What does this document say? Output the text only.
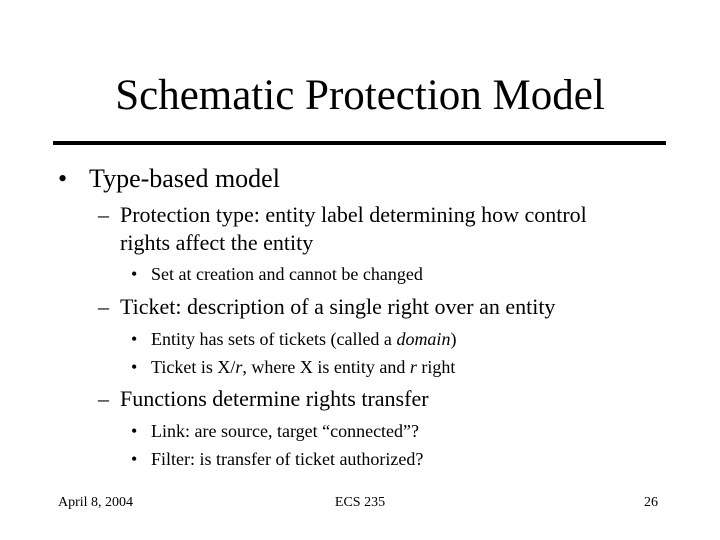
Schematic Protection Model
• Type-based model
– Protection type: entity label determining how control
rights affect the entity
• Set at creation and cannot be changed
– Ticket: description of a single right over an entity
• Entity has sets of tickets (called a domain)
• Ticket is X/r, where X is entity and r right
– Functions determine rights transfer
• Link: are source, target “connected”?
• Filter: is transfer of ticket authorized?
April 8, 2004	ECS 235	26
